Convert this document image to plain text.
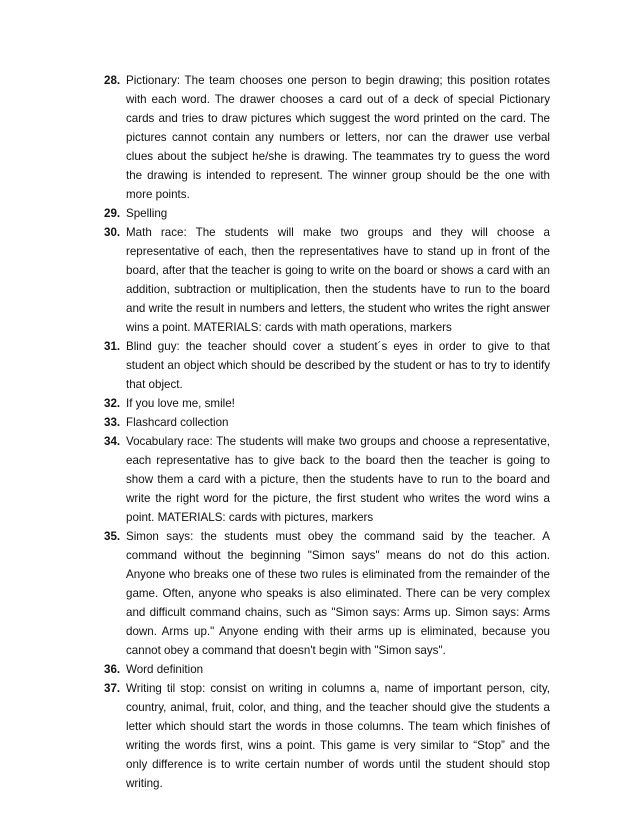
28. Pictionary: The team chooses one person to begin drawing; this position rotates with each word. The drawer chooses a card out of a deck of special Pictionary cards and tries to draw pictures which suggest the word printed on the card. The pictures cannot contain any numbers or letters, nor can the drawer use verbal clues about the subject he/she is drawing. The teammates try to guess the word the drawing is intended to represent. The winner group should be the one with more points.
29. Spelling
30. Math race: The students will make two groups and they will choose a representative of each, then the representatives have to stand up in front of the board, after that the teacher is going to write on the board or shows a card with an addition, subtraction or multiplication, then the students have to run to the board and write the result in numbers and letters, the student who writes the right answer wins a point. MATERIALS: cards with math operations, markers
31. Blind guy: the teacher should cover a student´s eyes in order to give to that student an object which should be described by the student or has to try to identify that object.
32. If you love me, smile!
33. Flashcard collection
34. Vocabulary race: The students will make two groups and choose a representative, each representative has to give back to the board then the teacher is going to show them a card with a picture, then the students have to run to the board and write the right word for the picture, the first student who writes the word wins a point. MATERIALS: cards with pictures, markers
35. Simon says: the students must obey the command said by the teacher. A command without the beginning "Simon says" means do not do this action. Anyone who breaks one of these two rules is eliminated from the remainder of the game. Often, anyone who speaks is also eliminated. There can be very complex and difficult command chains, such as "Simon says: Arms up. Simon says: Arms down. Arms up." Anyone ending with their arms up is eliminated, because you cannot obey a command that doesn't begin with "Simon says".
36. Word definition
37. Writing til stop: consist on writing in columns a, name of important person, city, country, animal, fruit, color, and thing, and the teacher should give the students a letter which should start the words in those columns. The team which finishes of writing the words first, wins a point. This game is very similar to “Stop” and the only difference is to write certain number of words until the student should stop writing.
